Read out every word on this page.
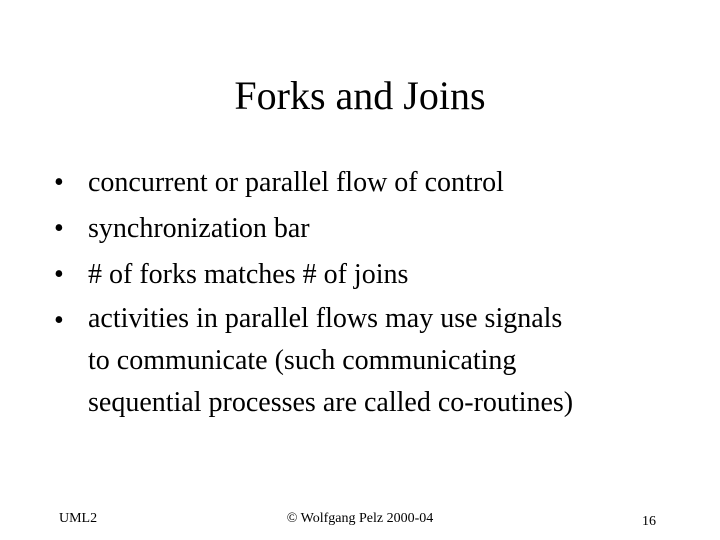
Forks and Joins
• concurrent or parallel flow of control
• synchronization bar
• # of forks matches # of joins
• activities in parallel flows may use signals
to communicate (such communicating
sequential processes are called co-routines)
UML2	© Wolfgang Pelz 2000-04	16
